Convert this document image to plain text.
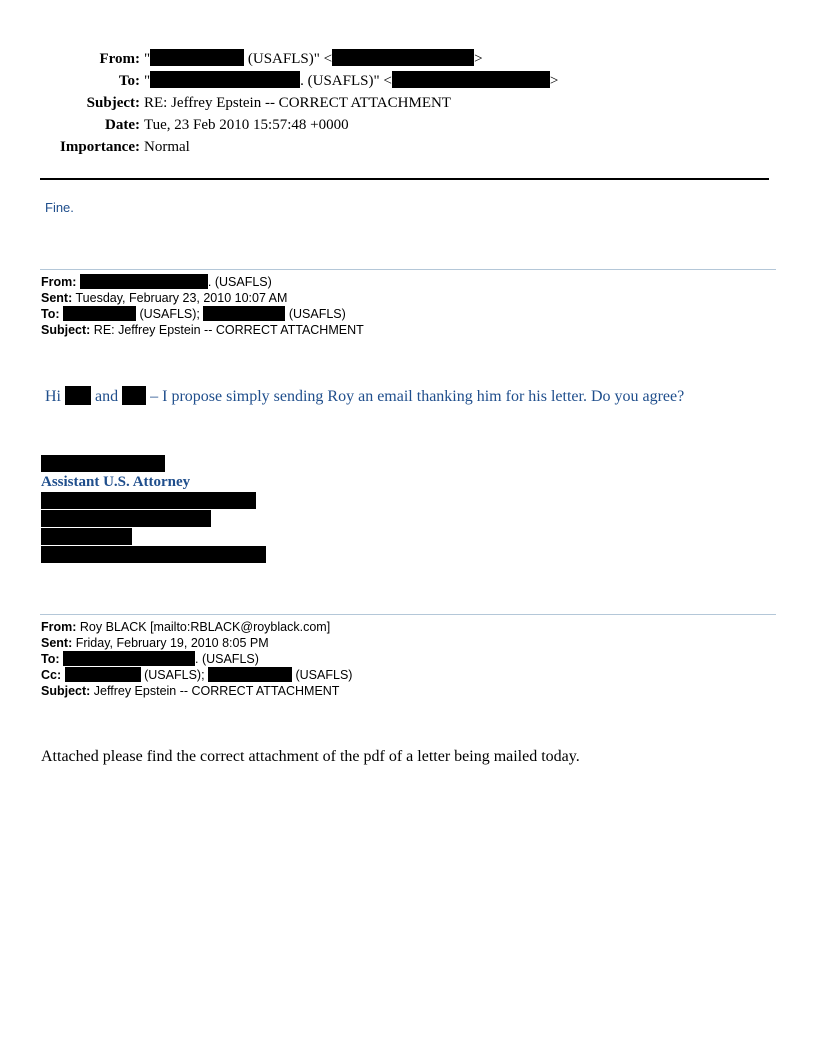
From: "	(USAFLS)" <	>
To: "	. (USAFLS)" <	>
Subject: RE: Jeffrey Epstein -- CORRECT ATTACHMENT
Date: Tue, 23 Feb 2010 15:57:48 +0000
Importance: Normal
Fine.
From:	. (USAFLS)
Sent: Tuesday, February 23, 2010 10:07 AM
To:	(USAFLS);	(USAFLS)
Subject: RE: Jeffrey Epstein -- CORRECT ATTACHMENT
Hi  and  – I propose simply sending Roy an email thanking him for his letter. Do you agree?
Assistant U.S. Attorney
From: Roy BLACK [mailto:RBLACK@royblack.com]
Sent: Friday, February 19, 2010 8:05 PM
To:	. (USAFLS)
Cc:	(USAFLS);	(USAFLS)
Subject: Jeffrey Epstein -- CORRECT ATTACHMENT
Attached please find the correct attachment of the pdf of a letter being mailed today.
